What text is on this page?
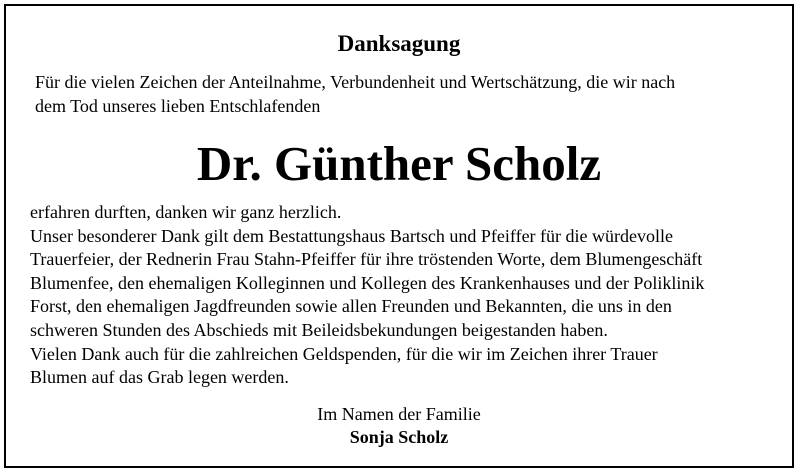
Danksagung

Für die vielen Zeichen der Anteilnahme, Verbundenheit und Wertschätzung, die wir nach
dem Tod unseres lieben Entschlafenden

Dr. Günther Scholz

erfahren durften, danken wir ganz herzlich.
Unser besonderer Dank gilt dem Bestattungshaus Bartsch und Pfeiffer für die würdevolle
Trauerfeier, der Rednerin Frau Stahn-Pfeiffer für ihre tröstenden Worte, dem Blumengeschäft
Blumenfee, den ehemaligen Kolleginnen und Kollegen des Krankenhauses und der Poliklinik
Forst, den ehemaligen Jagdfreunden sowie allen Freunden und Bekannten, die uns in den
schweren Stunden des Abschieds mit Beileidsbekundungen beigestanden haben.
Vielen Dank auch für die zahlreichen Geldspenden, für die wir im Zeichen ihrer Trauer
Blumen auf das Grab legen werden.

Im Namen der Familie

Sonja Scholz
